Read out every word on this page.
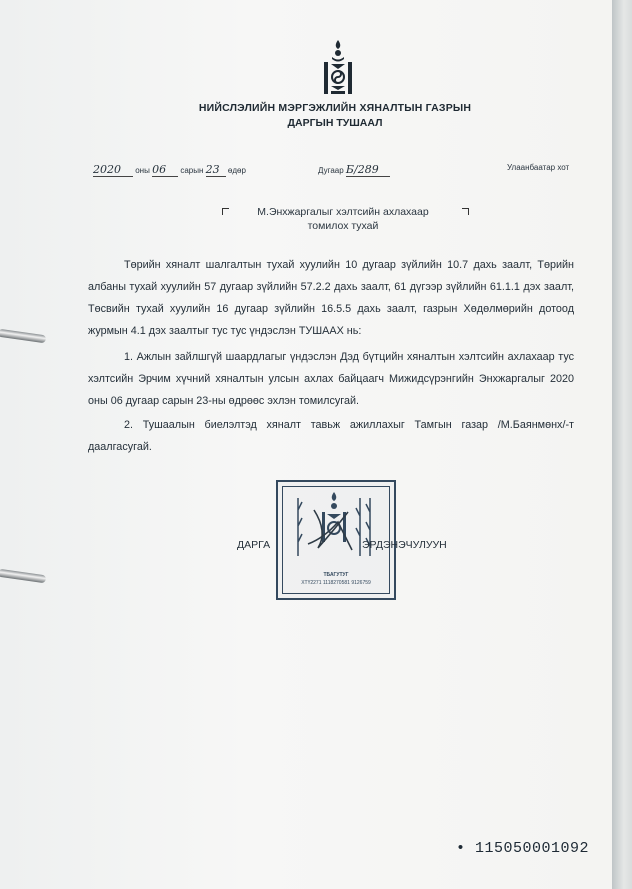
НИЙСЛЭЛИЙН МЭРГЭЖЛИЙН ХЯНАЛТЫН ГАЗРЫН
ДАРГЫН ТУШААЛ
2020 оны 06 сарын 23 өдөр	Дугаар Б/289	Улаанбаатар хот
М.Энхжаргалыг хэлтсийн ахлахаар
томилох тухай

Төрийн хяналт шалгалтын тухай хуулийн 10 дугаар зүйлийн 10.7 дахь заалт, Төрийн албаны тухай хуулийн 57 дугаар зүйлийн 57.2.2 дахь заалт, 61 дүгээр зүйлийн 61.1.1 дэх заалт, Төсвийн тухай хуулийн 16 дугаар зүйлийн 16.5.5 дахь заалт, газрын Хөдөлмөрийн дотоод журмын 4.1 дэх заалтыг тус тус үндэслэн ТУШААХ нь:

1. Ажлын зайлшгүй шаардлагыг үндэслэн Дэд бүтцийн хяналтын хэлтсийн ахлахаар тус хэлтсийн Эрчим хүчний хяналтын улсын ахлах байцаагч Мижидсүрэнгийн Энхжаргалыг 2020 оны 06 дугаар сарын 23-ны өдрөөс эхлэн томилсугай.

2. Тушаалын биелэлтэд хяналт тавьж ажиллахыг Тамгын газар /М.Баянмөнх/-т даалгасугай.

ТБАГУТУГ
ХТҮ2271 1118270581 9126759
ДАРГА	ЭРДЭНЭЧУЛУУН
• 115050001092
